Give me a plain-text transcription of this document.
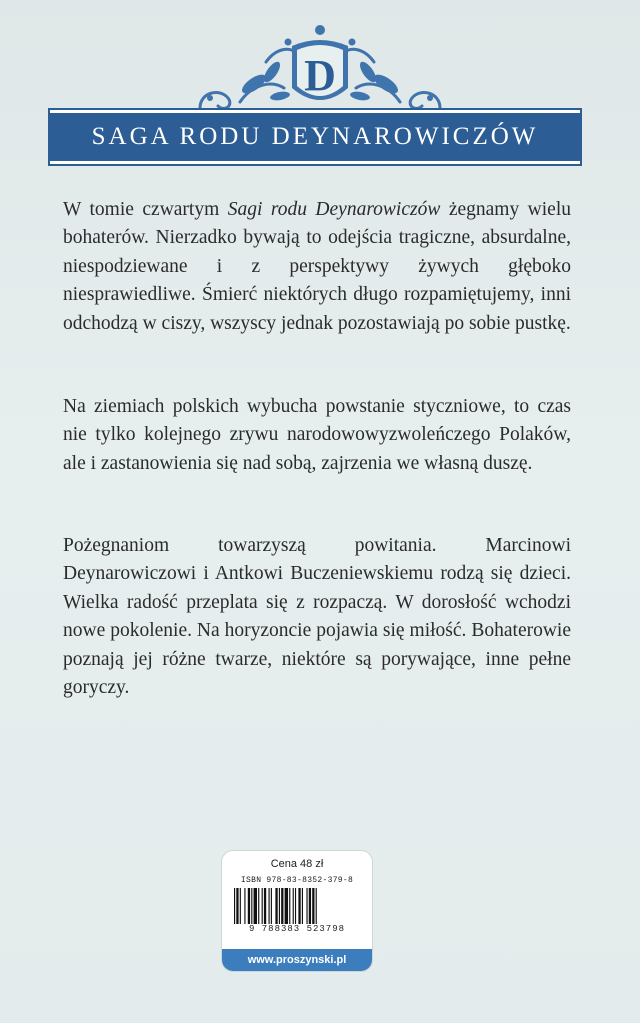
D
SAGA RODU DEYNAROWICZÓW
W tomie czwartym Sagi rodu Deynarowiczów żegnamy wielu bohaterów. Nierzadko bywają to odejścia tragiczne, absurdalne, niespodziewane i z perspektywy żywych głęboko niesprawiedliwe. Śmierć niektórych długo rozpamiętujemy, inni odchodzą w ciszy, wszyscy jednak pozostawiają po sobie pustkę.
Na ziemiach polskich wybucha powstanie styczniowe, to czas nie tylko kolejnego zrywu narodowowyzwoleńczego Polaków, ale i zastanowienia się nad sobą, zajrzenia we własną duszę.
Pożegnaniom towarzyszą powitania. Marcinowi Deynarowiczowi i Antkowi Buczeniewskiemu rodzą się dzieci. Wielka radość przeplata się z rozpaczą. W dorosłość wchodzi nowe pokolenie. Na horyzoncie pojawia się miłość. Bohaterowie poznają jej różne twarze, niektóre są porywające, inne pełne goryczy.
Cena 48 zł
ISBN 978-83-8352-379-8
9 788383 523798
www.proszynski.pl
